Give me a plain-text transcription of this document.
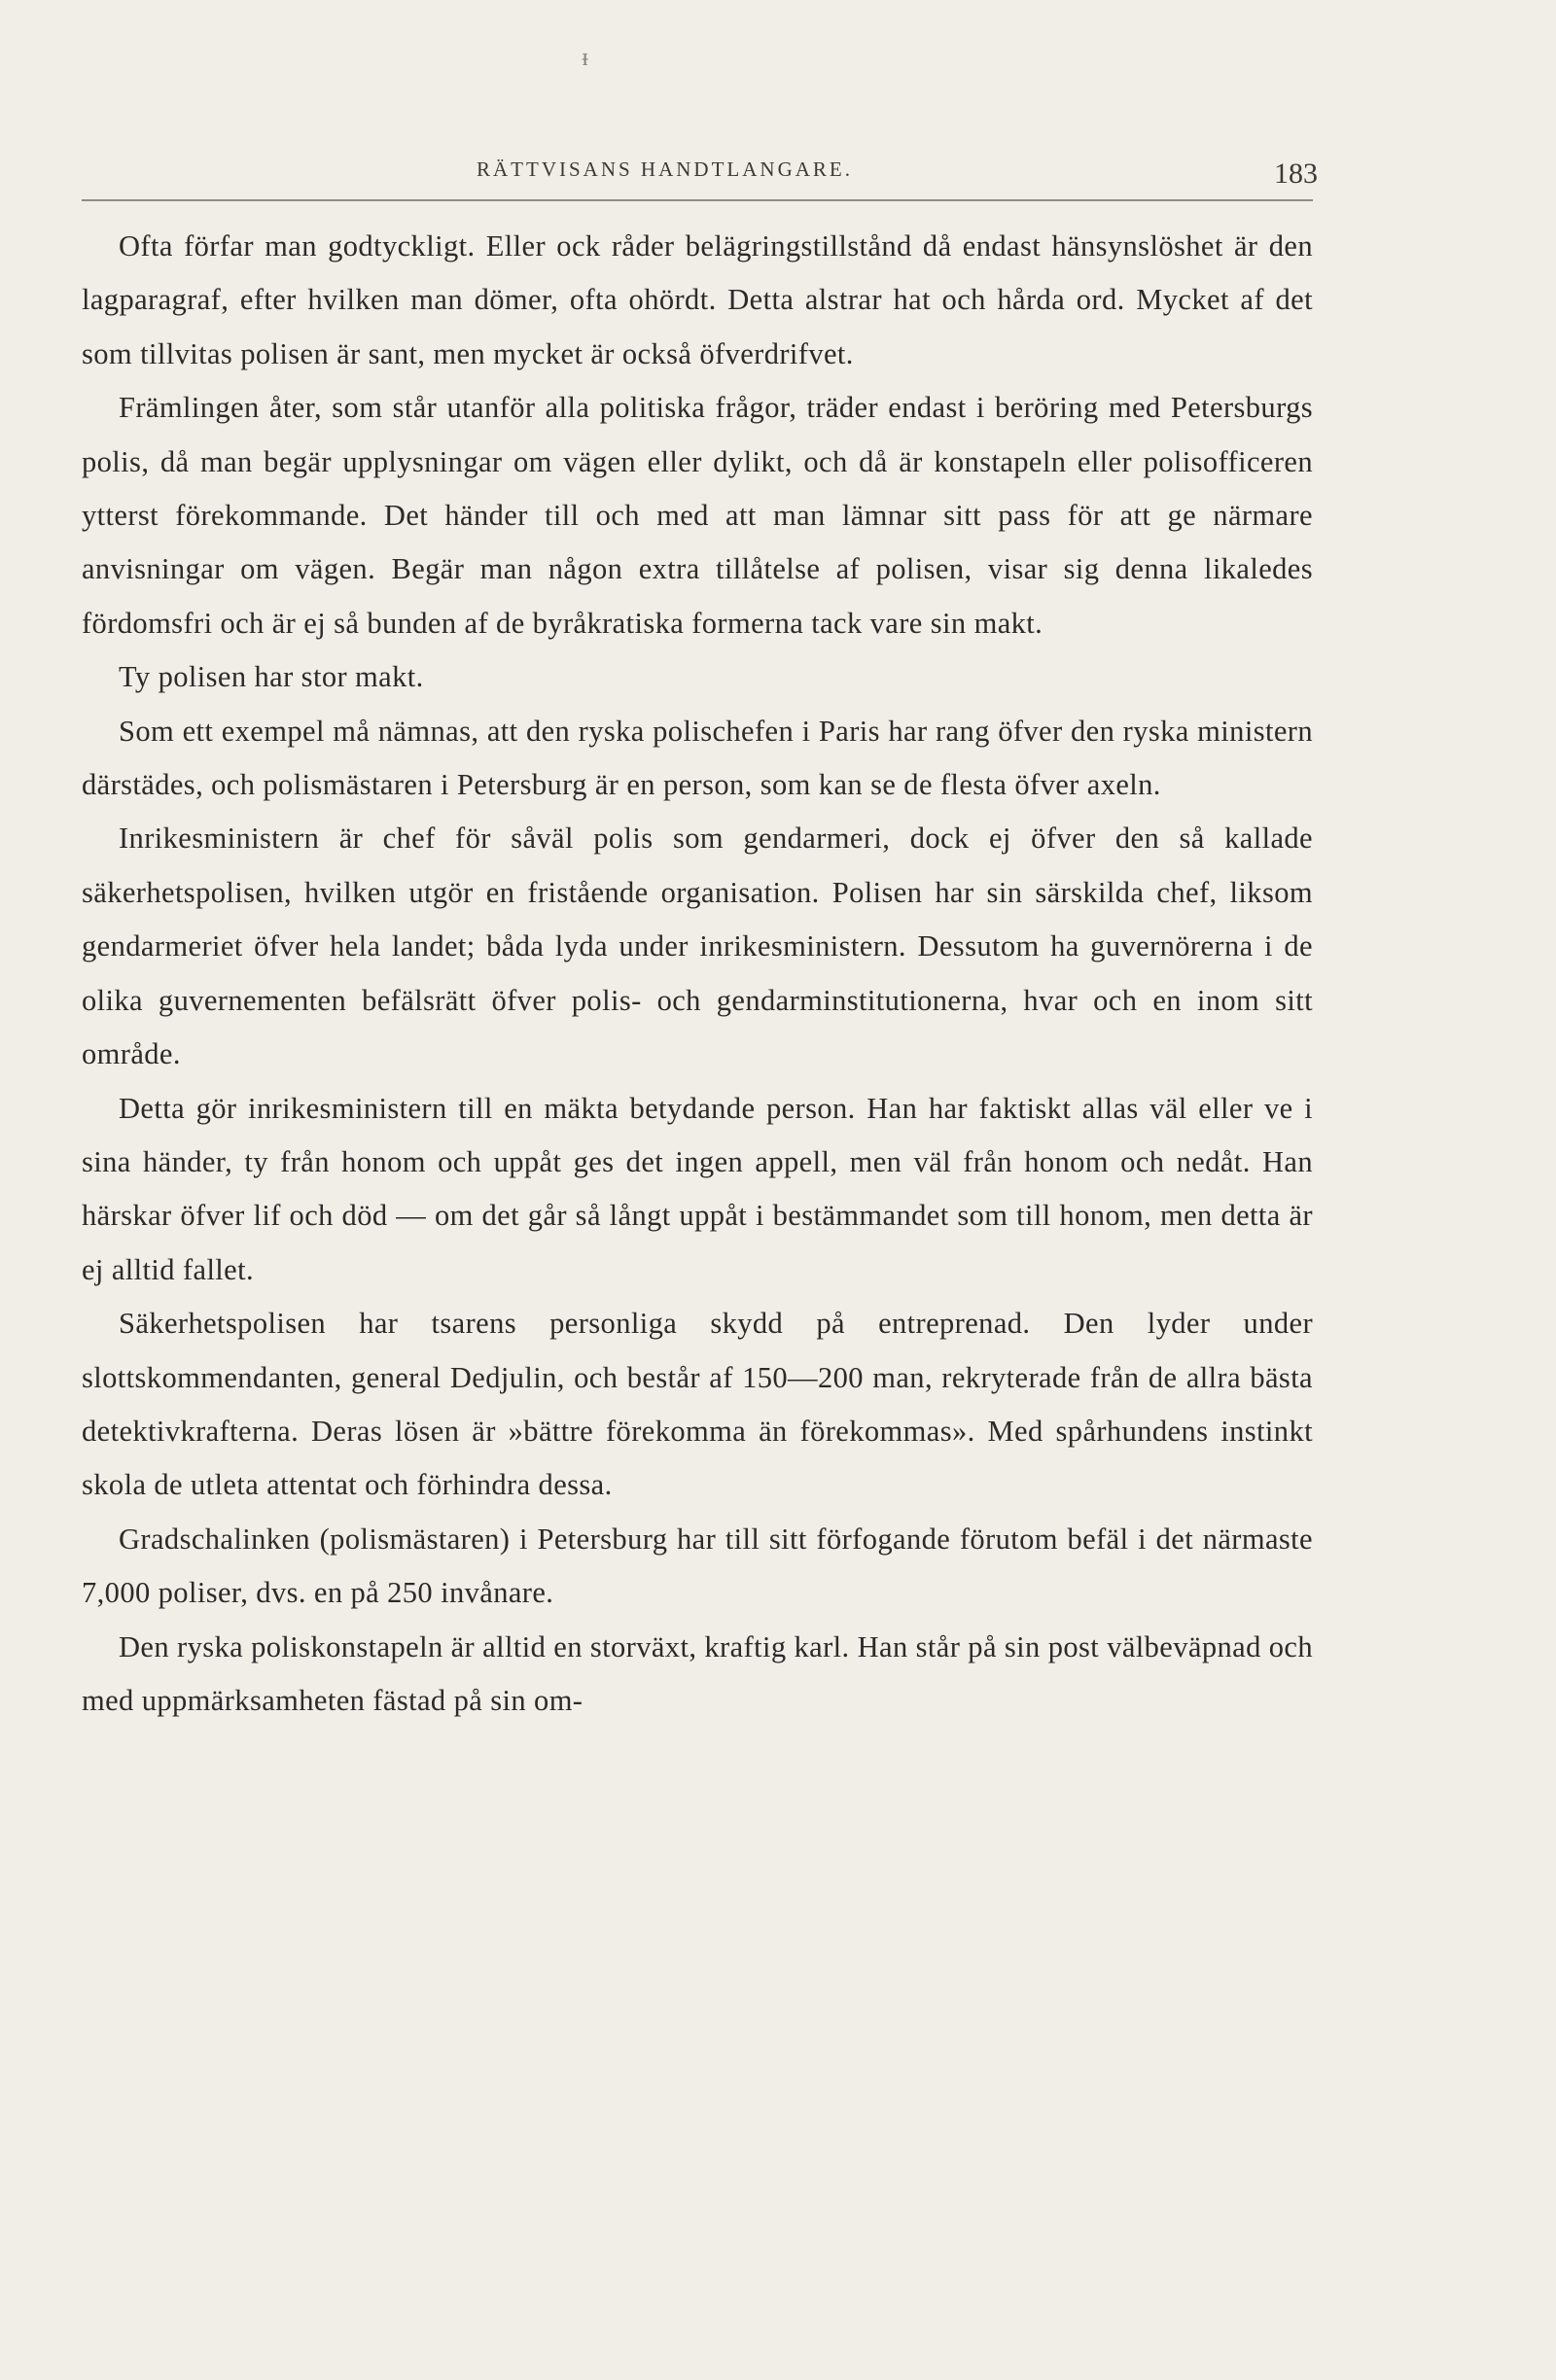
ᵻ
RÄTTVISANS HANDTLANGARE.	183

Ofta förfar man godtyckligt. Eller ock råder belägringstillstånd då endast hänsynslöshet är den lagparagraf, efter hvilken man dömer, ofta ohördt. Detta alstrar hat och hårda ord. Mycket af det som tillvitas polisen är sant, men mycket är också öfverdrifvet.

Främlingen åter, som står utanför alla politiska frågor, träder endast i beröring med Petersburgs polis, då man begär upplysningar om vägen eller dylikt, och då är konstapeln eller polisofficeren ytterst förekommande. Det händer till och med att man lämnar sitt pass för att ge närmare anvisningar om vägen. Begär man någon extra tillåtelse af polisen, visar sig denna likaledes fördomsfri och är ej så bunden af de byråkratiska formerna tack vare sin makt.

Ty polisen har stor makt.

Som ett exempel må nämnas, att den ryska polischefen i Paris har rang öfver den ryska ministern därstädes, och polismästaren i Petersburg är en person, som kan se de flesta öfver axeln.

Inrikesministern är chef för såväl polis som gendarmeri, dock ej öfver den så kallade säkerhetspolisen, hvilken utgör en fristående organisation. Polisen har sin särskilda chef, liksom gendarmeriet öfver hela landet; båda lyda under inrikesministern. Dessutom ha guvernörerna i de olika guvernementen befälsrätt öfver polis- och gendarminstitutionerna, hvar och en inom sitt område.

Detta gör inrikesministern till en mäkta betydande person. Han har faktiskt allas väl eller ve i sina händer, ty från honom och uppåt ges det ingen appell, men väl från honom och nedåt. Han härskar öfver lif och död — om det går så långt uppåt i bestämmandet som till honom, men detta är ej alltid fallet.

Säkerhetspolisen har tsarens personliga skydd på entreprenad. Den lyder under slottskommendanten, general Dedjulin, och består af 150—200 man, rekryterade från de allra bästa detektivkrafterna. Deras lösen är »bättre förekomma än förekommas». Med spårhundens instinkt skola de utleta attentat och förhindra dessa.

Gradschalinken (polismästaren) i Petersburg har till sitt förfogande förutom befäl i det närmaste 7,000 poliser, dvs. en på 250 invånare.

Den ryska poliskonstapeln är alltid en storväxt, kraftig karl. Han står på sin post välbeväpnad och med uppmärksamheten fästad på sin om-
